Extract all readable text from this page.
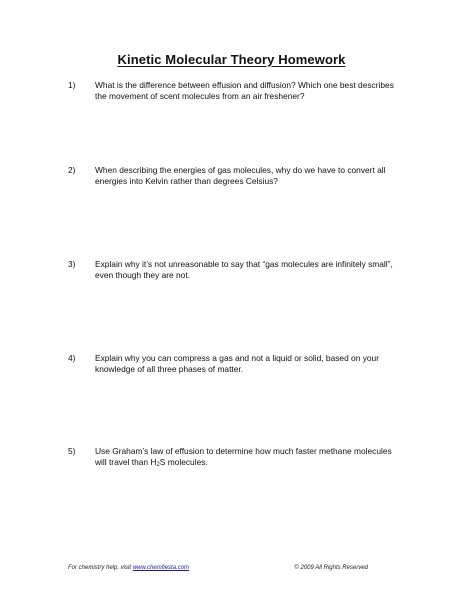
Kinetic Molecular Theory Homework
1)	What is the difference between effusion and diffusion? Which one best describes the movement of scent molecules from an air freshener?
2)	When describing the energies of gas molecules, why do we have to convert all energies into Kelvin rather than degrees Celsius?
3)	Explain why it’s not unreasonable to say that “gas molecules are infinitely small”, even though they are not.
4)	Explain why you can compress a gas and not a liquid or solid, based on your knowledge of all three phases of matter.
5)	Use Graham’s law of effusion to determine how much faster methane molecules will travel than $H_2S$ molecules.
For chemistry help, visit www.chemfiesta.com	© 2009 All Rights Reserved
